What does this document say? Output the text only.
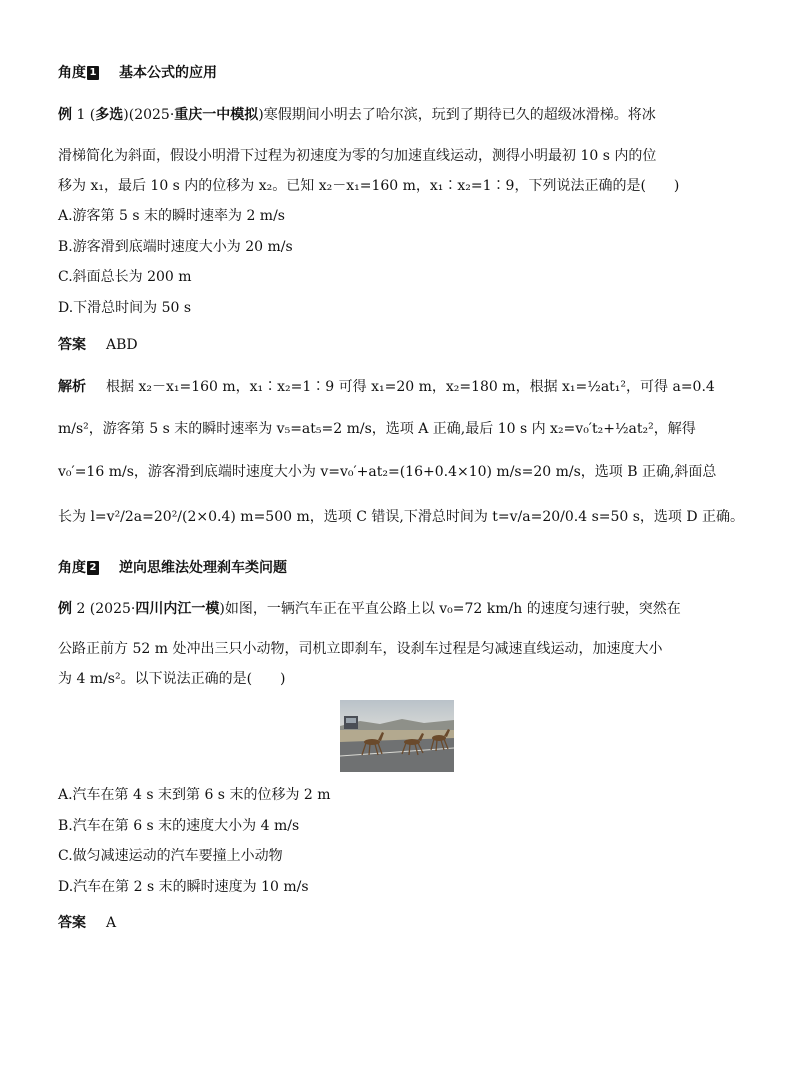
角度 1 基本公式的应用
例 1 (多选)(2025·重庆一中模拟)寒假期间小明去了哈尔滨，玩到了期待已久的超级冰滑梯。将冰
滑梯简化为斜面，假设小明滑下过程为初速度为零的匀加速直线运动，测得小明最初 10 s 内的位
移为 x₁，最后 10 s 内的位移为 x₂。已知 x₂－x₁=160 m，x₁∶x₂=1∶9，下列说法正确的是(　　)
A.游客第 5 s 末的瞬时速率为 2 m/s
B.游客滑到底端时速度大小为 20 m/s
C.斜面总长为 200 m
D.下滑总时间为 50 s
答案 ABD
解析 根据 x₂－x₁=160 m，x₁∶x₂=1∶9 可得 x₁=20 m，x₂=180 m，根据 x₁=½at₁²，可得 a=0.4
m/s²，游客第 5 s 末的瞬时速率为 v₅=at₅=2 m/s，选项 A 正确,最后 10 s 内 x₂=v₀′t₂+½at₂²，解得
v₀′=16 m/s，游客滑到底端时速度大小为 v=v₀′+at₂=(16+0.4×10) m/s=20 m/s，选项 B 正确,斜面总
长为 l=v²/2a=20²/(2×0.4) m=500 m，选项 C 错误,下滑总时间为 t=v/a=20/0.4 s=50 s，选项 D 正确。
角度 2 逆向思维法处理刹车类问题
例 2 (2025·四川内江一模)如图，一辆汽车正在平直公路上以 v₀=72 km/h 的速度匀速行驶，突然在
公路正前方 52 m 处冲出三只小动物，司机立即刹车，设刹车过程是匀减速直线运动，加速度大小
为 4 m/s²。以下说法正确的是(　　)
A.汽车在第 4 s 末到第 6 s 末的位移为 2 m
B.汽车在第 6 s 末的速度大小为 4 m/s
C.做匀减速运动的汽车要撞上小动物
D.汽车在第 2 s 末的瞬时速度为 10 m/s
答案 A
